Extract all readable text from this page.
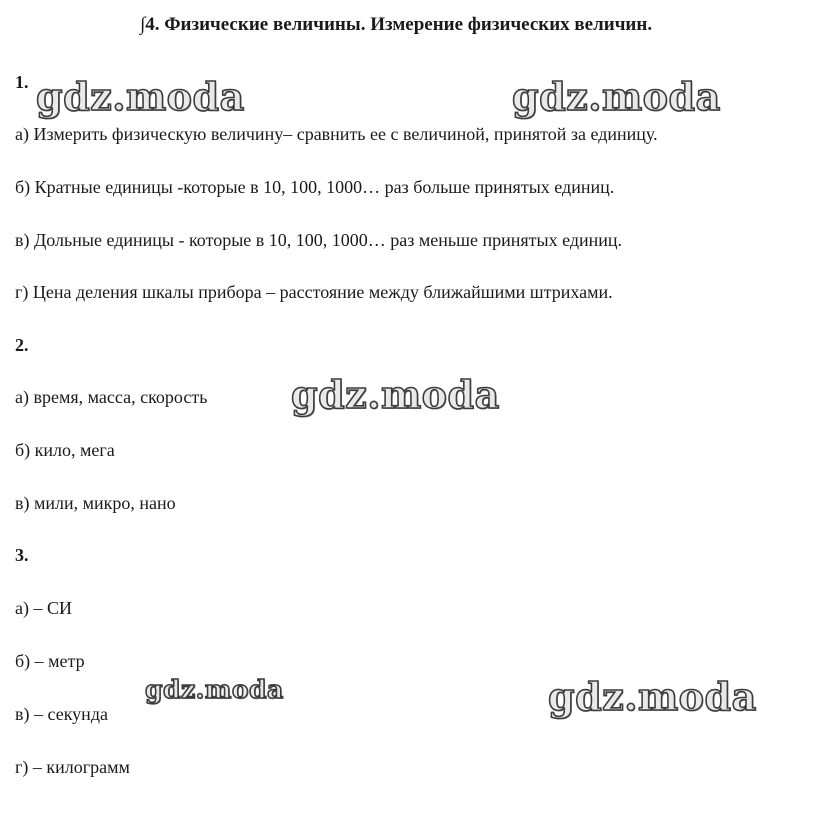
∫4. Физические величины. Измерение физических величин.
1.
а) Измерить физическую величину– сравнить ее с величиной, принятой за единицу.
б) Кратные единицы -которые в 10, 100, 1000… раз больше принятых единиц.
в) Дольные единицы - которые в 10, 100, 1000… раз меньше принятых единиц.
г) Цена деления шкалы прибора – расстояние между ближайшими штрихами.
2.
а) время, масса, скорость
б) кило, мега
в) мили, микро, нано
3.
а) – СИ
б) – метр
в) – секунда
г) – килограмм
gdz.moda	gdz.moda
gdz.moda
gdz.moda	gdz.moda
